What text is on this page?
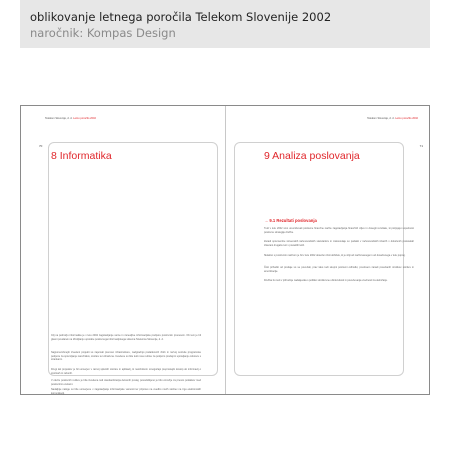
oblikovanje letnega poročila Telekom Slovenije 2002
naročnik: Kompas Design
Telekom Slovenije, d. d. Letno poročilo 2002
70
8 Informatika
Cilj na področju informatike je v letu 2002 zagotavljanje varne in zanesljive informacijske podpore poslovnim procesom. Ob tem je bil glavni poudarek na izboljšanju uporabe poslovnega informacijskega sistema Telekoma Slovenije, d. d.
Najpomembnejši izvedeni projekti so zajemali prenovo infrastrukture, nadgradnjo podatkovnih zbirk in razvoj celovite programske podpore za spremljanje naročnikov, storitev ter obračuna. Uvedene so bile tudi nove rešitve za podporo prodaji in upravljanju odnosov s strankami.
Drugi del projektov je bil usmerjen v razvoj spletnih storitev in aplikacij, ki naročnikom omogočajo preprostejši dostop do informacij o storitvah in računih.
V okviru poslovnih rešitev je bila izvedena tudi standardizacija delovnih postaj, posodobljeno je bilo omrežje za prenos podatkov med poslovnimi enotami.
Nadaljnje naloge so bile usmerjene v zagotavljanje informacijske varnosti ter pripravo na uvedbo novih storitev na trgu elektronskih komunikacij.
Telekom Slovenije, d. d. Letno poročilo 2002
71
9 Analiza poslovanja
→ 9.1 Rezultati poslovanja
Tudi v letu 2002 smo uresničevali poslovne finančne načrte zagotavljanja finančnih ciljev in dosegli rezultate, ki potrjujejo uspešnost poslovne strategije družbe.
Zaradi spremembe slovenskih računovodskih standardov in zakonodaje so podatki v računovodskih izkazih v določenih postavkah izkazani drugače kot v preteklih letih.
Skladno s poslovnim načrtom je bil v letu 2002 dosežen čisti dobiček, ki je višji od načrtovanega in od doseženega v letu poprej.
Čisti prihodki od prodaje so se povečali, prav tako tudi skupni poslovni odhodki, predvsem zaradi povečanih stroškov storitev in amortizacije.
Družba bo tudi v prihodnje nadaljevala s politiko stroškovne učinkovitosti in povečevanja vrednosti za delničarje.
